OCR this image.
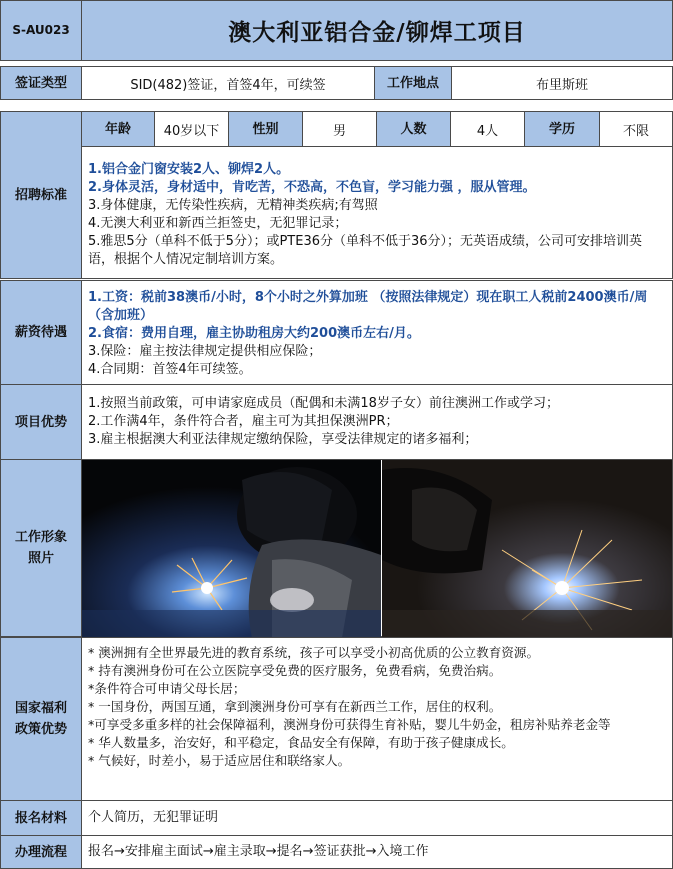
S-AU023	澳大利亚铝合金/铆焊工项目
签证类型	SID(482)签证，首签4年，可续签	工作地点	布里斯班
招聘标准
年龄	40岁以下	性别	男	人数	4人	学历	不限
1.铝合金门窗安装2人、铆焊2人。
2.身体灵活，身材适中，肯吃苦，不恐高，不色盲，学习能力强 ，服从管理。
3.身体健康，无传染性疾病，无精神类疾病;有驾照
4.无澳大利亚和新西兰拒签史，无犯罪记录；
5.雅思5分（单科不低于5分）；或PTE36分（单科不低于36分）；无英语成绩，公司可安排培训英语，根据个人情况定制培训方案。
薪资待遇
1.工资：税前38澳币/小时，8个小时之外算加班 （按照法律规定）现在职工人税前2400澳币/周（含加班）
2.食宿：费用自理，雇主协助租房大约200澳币左右/月。
3.保险：雇主按法律规定提供相应保险；
4.合同期：首签4年可续签。
项目优势
1.按照当前政策，可申请家庭成员（配偶和未满18岁子女）前往澳洲工作或学习；
2.工作满4年，条件符合者，雇主可为其担保澳洲PR；
3.雇主根据澳大利亚法律规定缴纳保险，享受法律规定的诸多福利；
工作形象照片
国家福利政策优势
* 澳洲拥有全世界最先进的教育系统，孩子可以享受小初高优质的公立教育资源。
* 持有澳洲身份可在公立医院享受免费的医疗服务，免费看病，免费治病。
*条件符合可申请父母长居；
* 一国身份，两国互通，拿到澳洲身份可享有在新西兰工作，居住的权利。
*可享受多重多样的社会保障福利，澳洲身份可获得生育补贴，婴儿牛奶金，租房补贴养老金等
* 华人数量多，治安好，和平稳定，食品安全有保障，有助于孩子健康成长。
* 气候好，时差小，易于适应居住和联络家人。
报名材料 个人简历，无犯罪证明
办理流程 报名→安排雇主面试→雇主录取→提名→签证获批→入境工作
